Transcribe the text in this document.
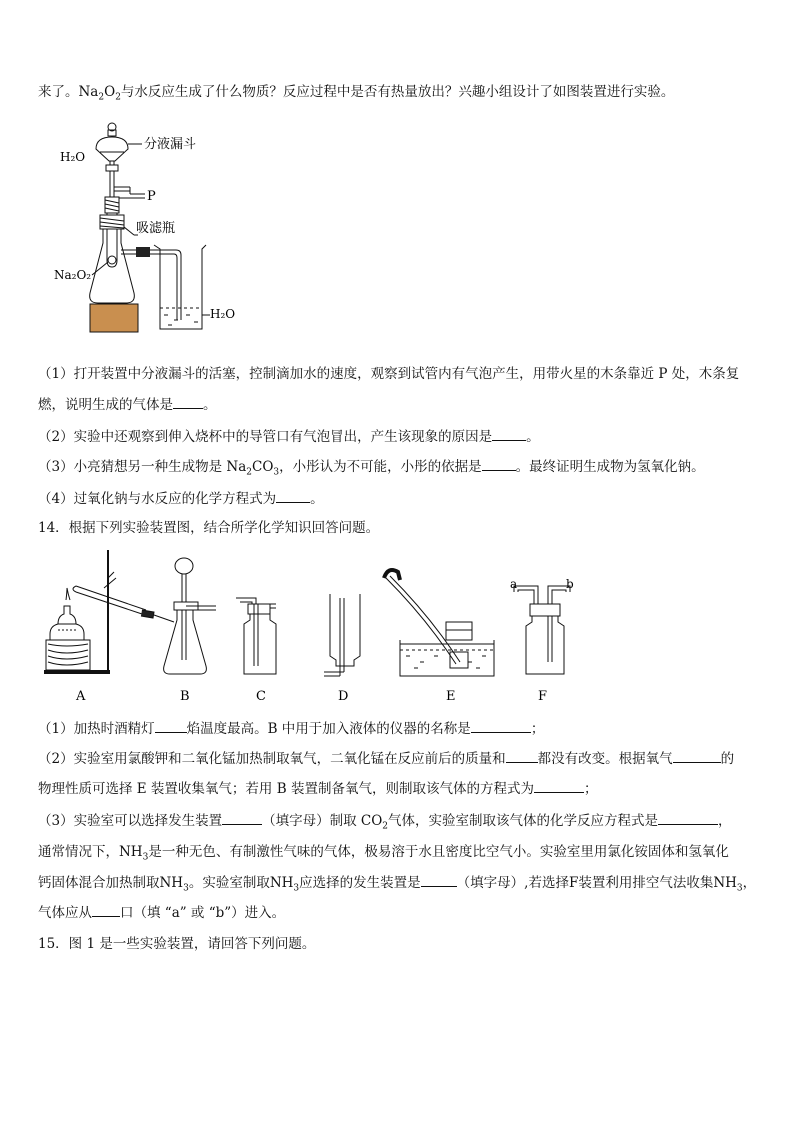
来了。$Na_2O_2$与水反应生成了什么物质？反应过程中是否有热量放出？兴趣小组设计了如图装置进行实验。
H₂O
分液漏斗
P
吸滤瓶
Na₂O₂
H₂O
（1）打开装置中分液漏斗的活塞，控制滴加水的速度，观察到试管内有气泡产生，用带火星的木条靠近 P 处，木条复
燃，说明生成的气体是 。
（2）实验中还观察到伸入烧杯中的导管口有气泡冒出，产生该现象的原因是	。
（3）小亮猜想另一种生成物是 $Na_2CO_3$，小彤认为不可能，小彤的依据是	。最终证明生成物为氢氧化钠。
（4）过氧化钠与水反应的化学方程式为	。
14．根据下列实验装置图，结合所学化学知识回答问题。
a	b
A	B	C	D	E	F
（1）加热时酒精灯 焰温度最高。B 中用于加入液体的仪器的名称是	；
（2）实验室用氯酸钾和二氧化锰加热制取氧气，二氧化锰在反应前后的质量和 都没有改变。根据氧气	的
物理性质可选择 E 装置收集氧气；若用 B 装置制备氧气，则制取该气体的方程式为	；
（3）实验室可以选择发生装置	（填字母）制取 $CO_2$气体，实验室制取该气体的化学反应方程式是	，
通常情况下，$NH_3$是一种无色、有制激性气味的气体，极易溶于水且密度比空气小。实验室里用氯化铵固体和氢氧化
钙固体混合加热制取$NH_3$。实验室制取$NH_3$应选择的发生装置是	（填字母）,若选择F装置利用排空气法收集$NH_3$，
气体应从 口（填 “a” 或 “b”）进入。
15．图 1 是一些实验装置，请回答下列问题。
